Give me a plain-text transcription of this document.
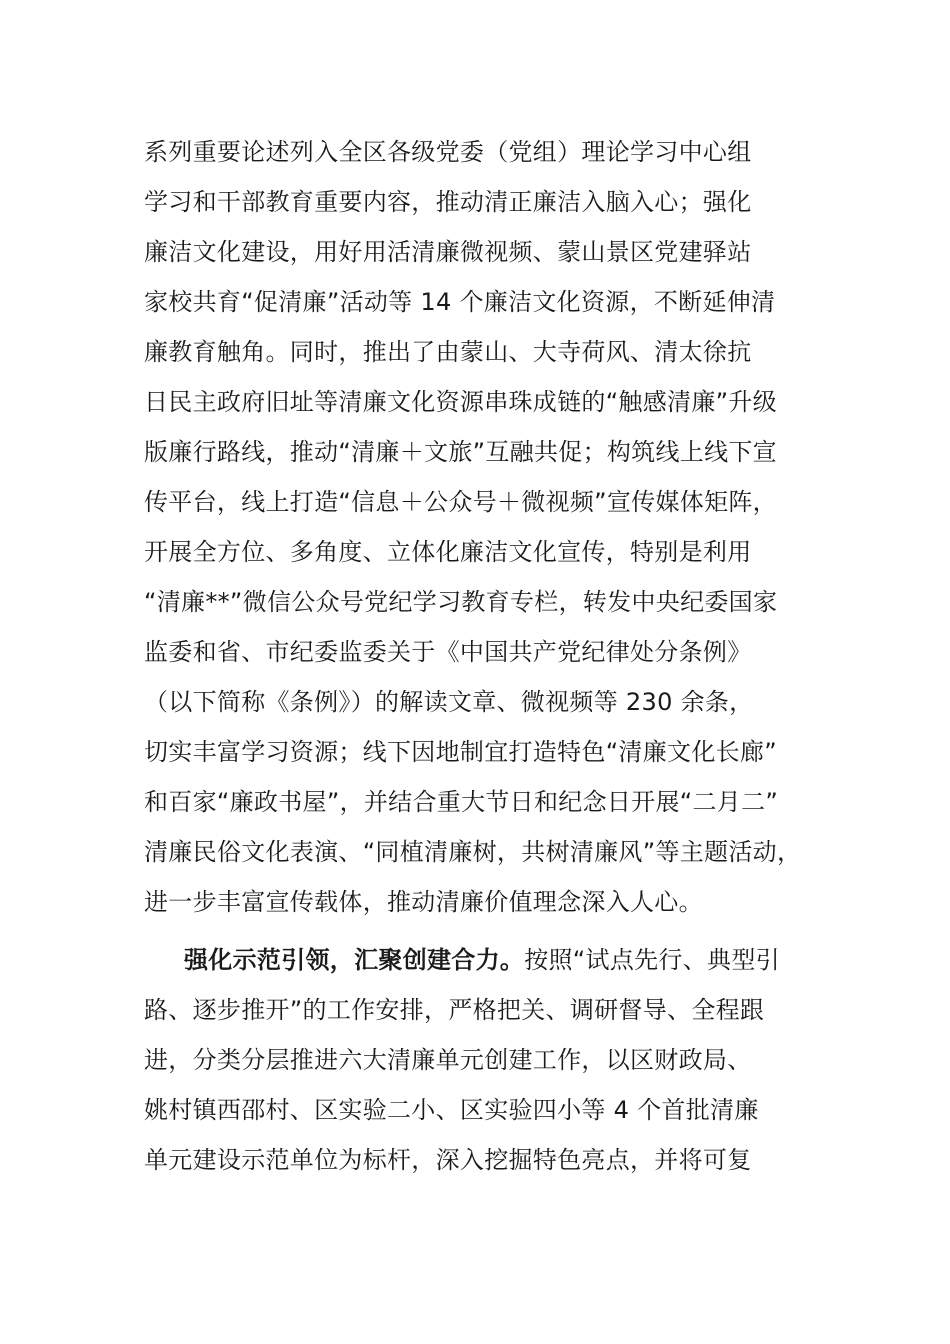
系列重要论述列入全区各级党委（党组）理论学习中心组
学习和干部教育重要内容，推动清正廉洁入脑入心；强化
廉洁文化建设，用好用活清廉微视频、蒙山景区党建驿站
家校共育“促清廉”活动等 14 个廉洁文化资源，不断延伸清
廉教育触角。同时，推出了由蒙山、大寺荷风、清太徐抗
日民主政府旧址等清廉文化资源串珠成链的“触感清廉”升级
版廉行路线，推动“清廉＋文旅”互融共促；构筑线上线下宣
传平台，线上打造“信息＋公众号＋微视频”宣传媒体矩阵，
开展全方位、多角度、立体化廉洁文化宣传，特别是利用
“清廉**”微信公众号党纪学习教育专栏，转发中央纪委国家
监委和省、市纪委监委关于《中国共产党纪律处分条例》
（以下简称《条例》）的解读文章、微视频等 230 余条，
切实丰富学习资源；线下因地制宜打造特色“清廉文化长廊”
和百家“廉政书屋”，并结合重大节日和纪念日开展“二月二”
清廉民俗文化表演、“同植清廉树，共树清廉风”等主题活动，
进一步丰富宣传载体，推动清廉价值理念深入人心。
强化示范引领，汇聚创建合力。按照“试点先行、典型引
路、逐步推开”的工作安排，严格把关、调研督导、全程跟
进，分类分层推进六大清廉单元创建工作，以区财政局、
姚村镇西邵村、区实验二小、区实验四小等 4 个首批清廉
单元建设示范单位为标杆，深入挖掘特色亮点，并将可复
